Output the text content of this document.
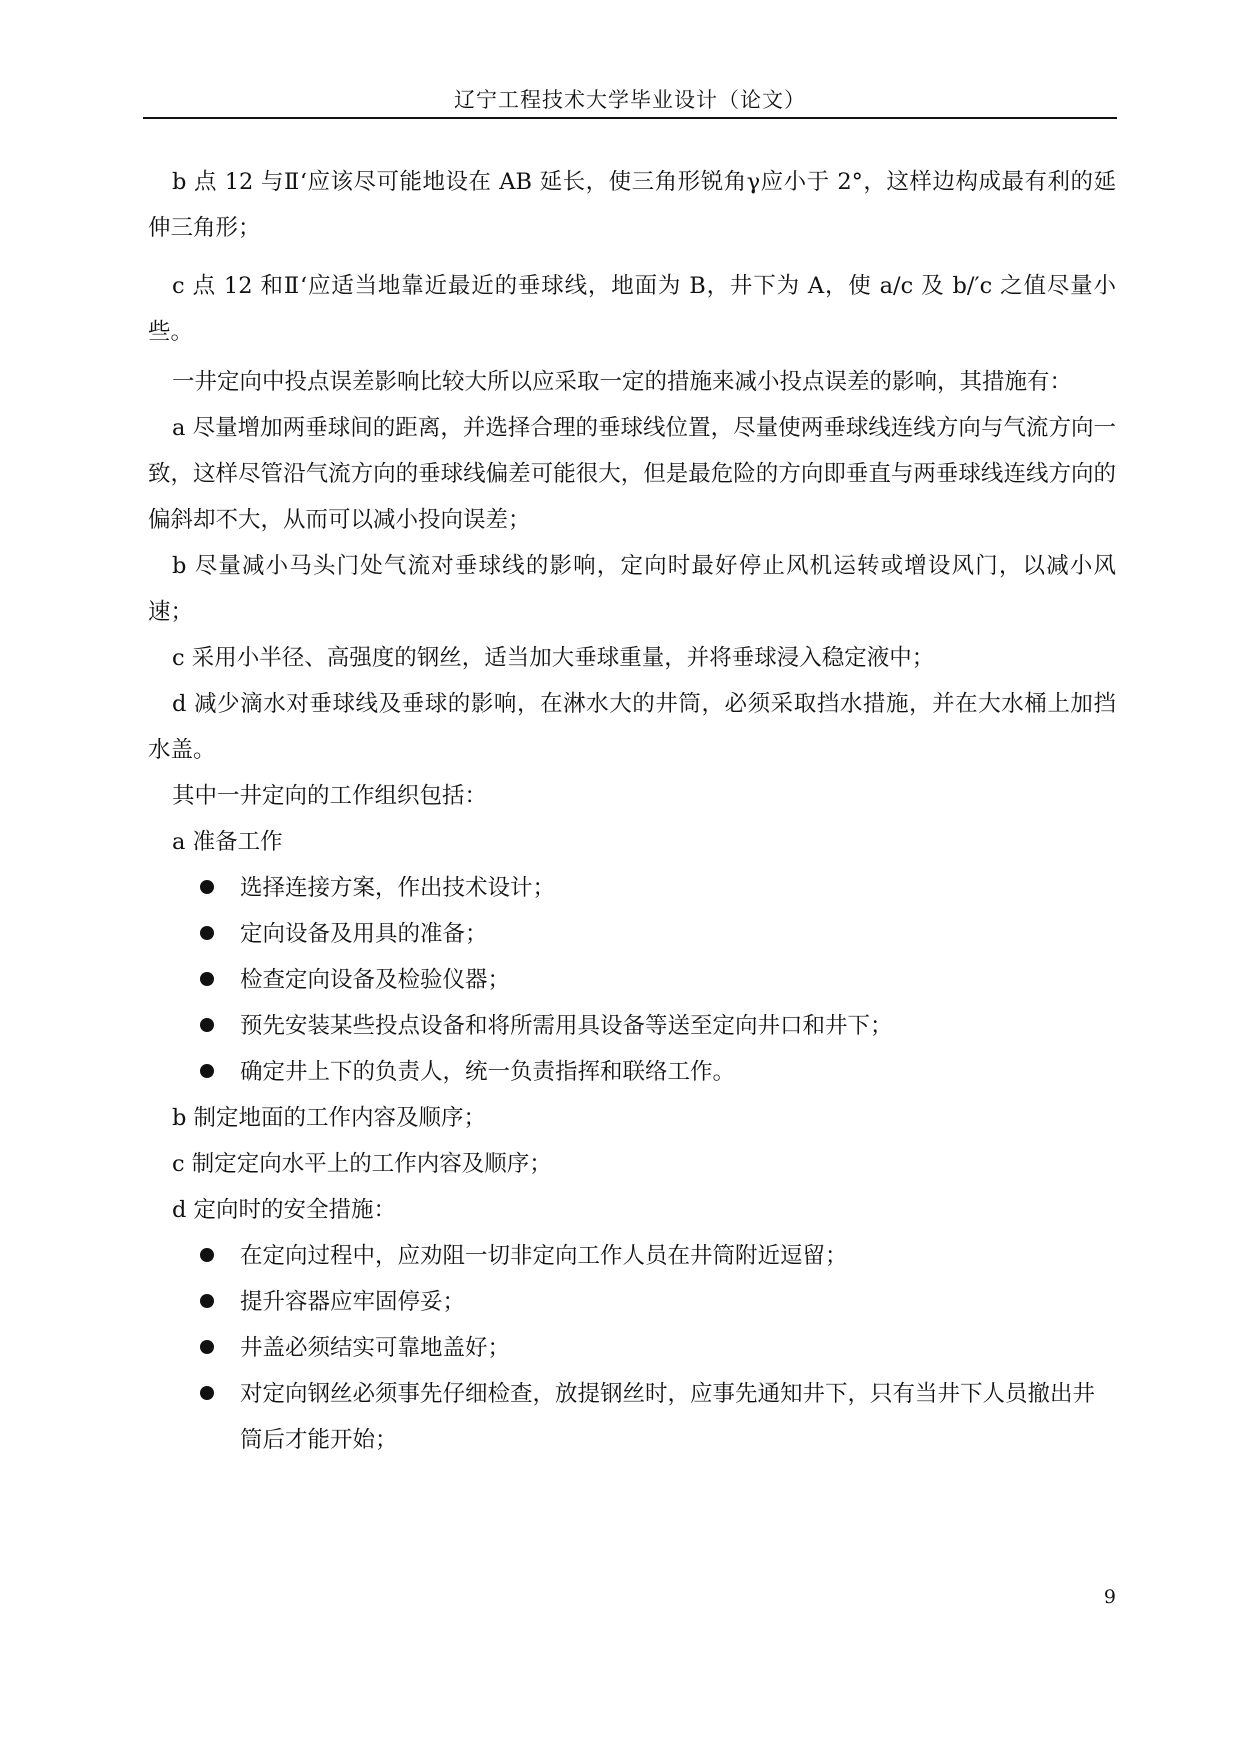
辽宁工程技术大学毕业设计（论文）

b 点 12 与Ⅱ‘应该尽可能地设在 AB 延长，使三角形锐角γ应小于 2°，这样边构成最有利的延伸三角形；

c 点 12 和Ⅱ‘应适当地靠近最近的垂球线，地面为 B，井下为 A，使 a/c 及 b/′c 之值尽量小些。

一井定向中投点误差影响比较大所以应采取一定的措施来减小投点误差的影响，其措施有：

a 尽量增加两垂球间的距离，并选择合理的垂球线位置，尽量使两垂球线连线方向与气流方向一致，这样尽管沿气流方向的垂球线偏差可能很大，但是最危险的方向即垂直与两垂球线连线方向的偏斜却不大，从而可以减小投向误差；

b 尽量减小马头门处气流对垂球线的影响，定向时最好停止风机运转或增设风门，以减小风速；

c 采用小半径、高强度的钢丝，适当加大垂球重量，并将垂球浸入稳定液中；

d 减少滴水对垂球线及垂球的影响，在淋水大的井筒，必须采取挡水措施，并在大水桶上加挡水盖。

其中一井定向的工作组织包括：

a 准备工作

选择连接方案，作出技术设计；

定向设备及用具的准备；

检查定向设备及检验仪器；

预先安装某些投点设备和将所需用具设备等送至定向井口和井下；

确定井上下的负责人，统一负责指挥和联络工作。

b 制定地面的工作内容及顺序；

c 制定定向水平上的工作内容及顺序；

d 定向时的安全措施：

在定向过程中，应劝阻一切非定向工作人员在井筒附近逗留；

提升容器应牢固停妥；

井盖必须结实可靠地盖好；

对定向钢丝必须事先仔细检查，放提钢丝时，应事先通知井下，只有当井下人员撤出井筒后才能开始；

9
